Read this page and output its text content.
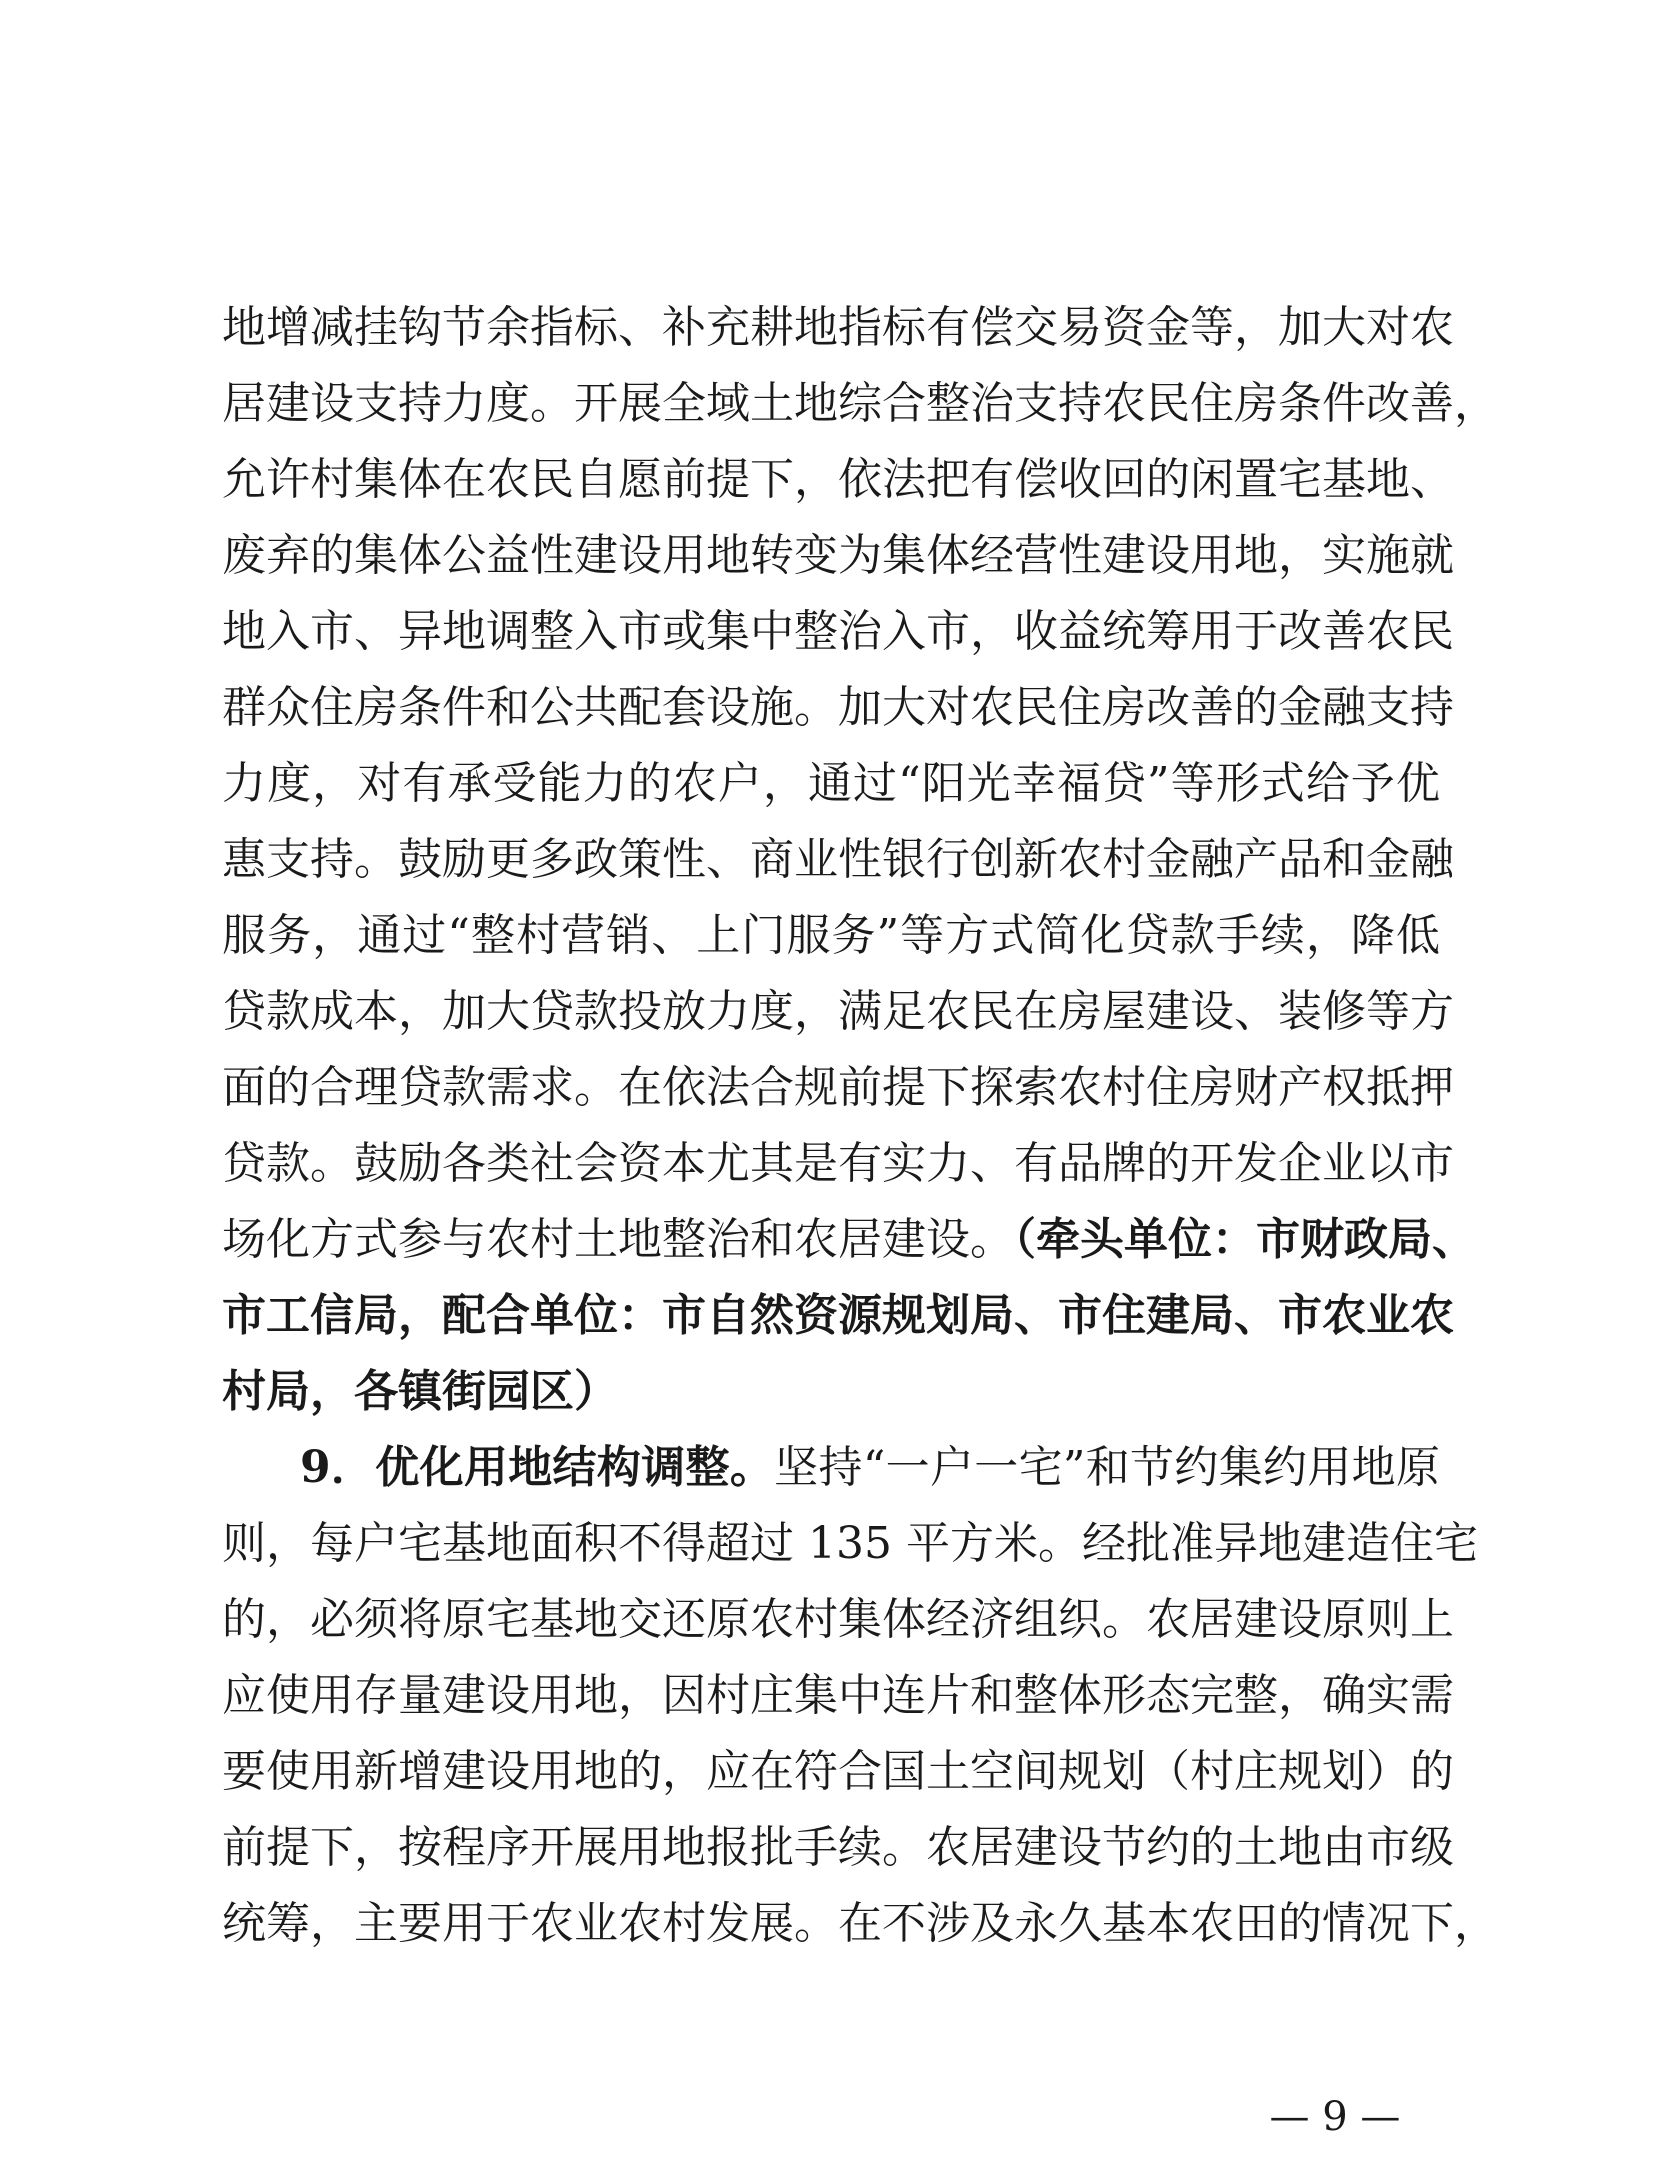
地增减挂钩节余指标、补充耕地指标有偿交易资金等，加大对农
居建设支持力度。开展全域土地综合整治支持农民住房条件改善，
允许村集体在农民自愿前提下，依法把有偿收回的闲置宅基地、
废弃的集体公益性建设用地转变为集体经营性建设用地，实施就
地入市、异地调整入市或集中整治入市，收益统筹用于改善农民
群众住房条件和公共配套设施。加大对农民住房改善的金融支持
力度，对有承受能力的农户，通过“阳光幸福贷”等形式给予优
惠支持。鼓励更多政策性、商业性银行创新农村金融产品和金融
服务，通过“整村营销、上门服务”等方式简化贷款手续，降低
贷款成本，加大贷款投放力度，满足农民在房屋建设、装修等方
面的合理贷款需求。在依法合规前提下探索农村住房财产权抵押
贷款。鼓励各类社会资本尤其是有实力、有品牌的开发企业以市
场化方式参与农村土地整治和农居建设。（牵头单位：市财政局、
市工信局，配合单位：市自然资源规划局、市住建局、市农业农
村局，各镇街园区）
9．优化用地结构调整。坚持“一户一宅”和节约集约用地原
则，每户宅基地面积不得超过 135 平方米。经批准异地建造住宅
的，必须将原宅基地交还原农村集体经济组织。农居建设原则上
应使用存量建设用地，因村庄集中连片和整体形态完整，确实需
要使用新增建设用地的，应在符合国土空间规划（村庄规划）的
前提下，按程序开展用地报批手续。农居建设节约的土地由市级
统筹，主要用于农业农村发展。在不涉及永久基本农田的情况下，
— 9 —
